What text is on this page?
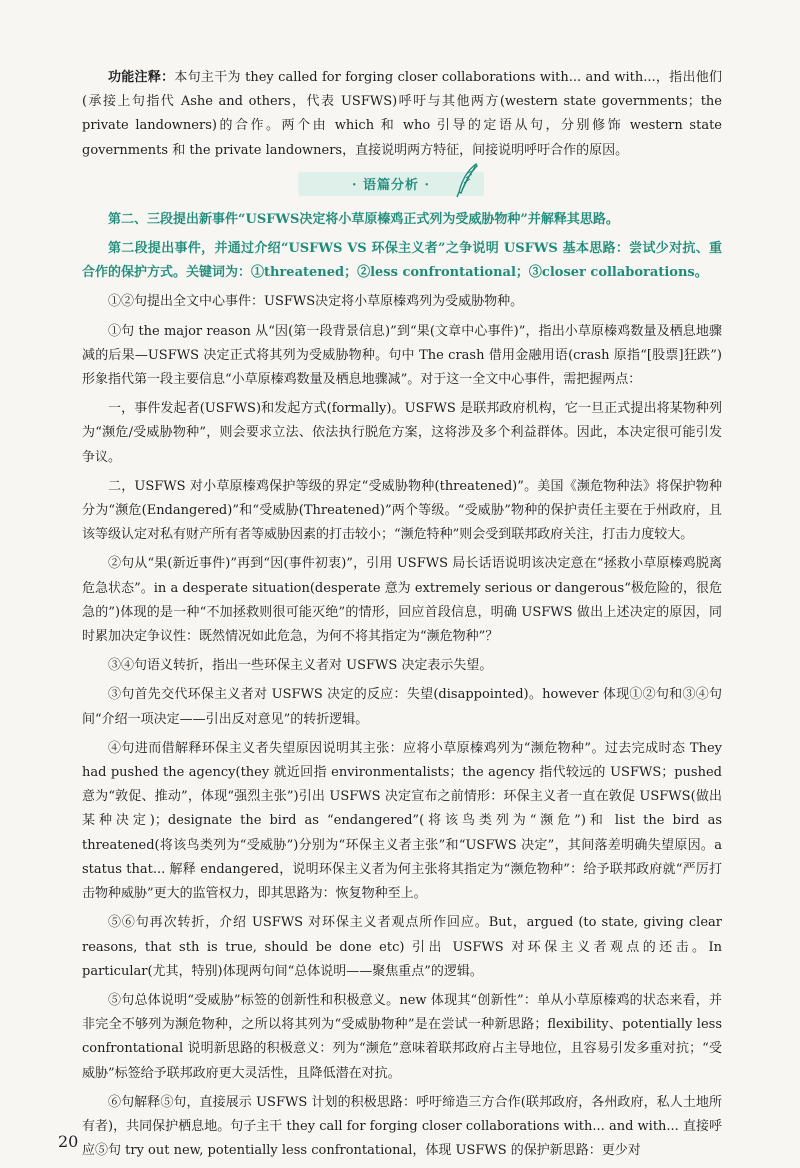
功能注释：本句主干为 they called for forging closer collaborations with... and with...，指出他们(承接上句指代 Ashe and others，代表 USFWS)呼吁与其他两方(western state governments；the private landowners)的合作。两个由 which 和 who 引导的定语从句，分别修饰 western state governments 和 the private landowners，直接说明两方特征，间接说明呼吁合作的原因。

· 语篇分析 ·

第二、三段提出新事件“USFWS决定将小草原榛鸡正式列为受威胁物种”并解释其思路。

第二段提出事件，并通过介绍“USFWS VS 环保主义者”之争说明 USFWS 基本思路：尝试少对抗、重合作的保护方式。关键词为：①threatened；②less confrontational；③closer collaborations。

①②句提出全文中心事件：USFWS决定将小草原榛鸡列为受威胁物种。

①句 the major reason 从“因(第一段背景信息)”到“果(文章中心事件)”，指出小草原榛鸡数量及栖息地骤减的后果—USFWS 决定正式将其列为受威胁物种。句中 The crash 借用金融用语(crash 原指“[股票]狂跌”)形象指代第一段主要信息“小草原榛鸡数量及栖息地骤减”。对于这一全文中心事件，需把握两点：

一，事件发起者(USFWS)和发起方式(formally)。USFWS 是联邦政府机构，它一旦正式提出将某物种列为“濒危/受威胁物种”，则会要求立法、依法执行脱危方案，这将涉及多个利益群体。因此，本决定很可能引发争议。

二，USFWS 对小草原榛鸡保护等级的界定“受威胁物种(threatened)”。美国《濒危物种法》将保护物种分为“濒危(Endangered)”和“受威胁(Threatened)”两个等级。“受威胁”物种的保护责任主要在于州政府，且该等级认定对私有财产所有者等威胁因素的打击较小；“濒危特种”则会受到联邦政府关注，打击力度较大。

②句从“果(新近事件)”再到“因(事件初衷)”，引用 USFWS 局长话语说明该决定意在“拯救小草原榛鸡脱离危急状态”。in a desperate situation(desperate 意为 extremely serious or dangerous“极危险的，很危急的”)体现的是一种“不加拯救则很可能灭绝”的情形，回应首段信息，明确 USFWS 做出上述决定的原因，同时累加决定争议性：既然情况如此危急，为何不将其指定为“濒危物种”？

③④句语义转折，指出一些环保主义者对 USFWS 决定表示失望。

③句首先交代环保主义者对 USFWS 决定的反应：失望(disappointed)。however 体现①②句和③④句间“介绍一项决定——引出反对意见”的转折逻辑。

④句进而借解释环保主义者失望原因说明其主张：应将小草原榛鸡列为“濒危物种”。过去完成时态 They had pushed the agency(they 就近回指 environmentalists；the agency 指代较远的 USFWS；pushed 意为“敦促、推动”，体现“强烈主张”)引出 USFWS 决定宣布之前情形：环保主义者一直在敦促 USFWS(做出某种决定)；designate the bird as “endangered”(将该鸟类列为“濒危”)和 list the bird as threatened(将该鸟类列为“受威胁”)分别为“环保主义者主张”和“USFWS 决定”，其间落差明确失望原因。a status that... 解释 endangered，说明环保主义者为何主张将其指定为“濒危物种”：给予联邦政府就“严厉打击物种威胁”更大的监管权力，即其思路为：恢复物种至上。

⑤⑥句再次转折，介绍 USFWS 对环保主义者观点所作回应。But，argued (to state, giving clear reasons, that sth is true, should be done etc) 引出 USFWS 对环保主义者观点的还击。In particular(尤其，特别)体现两句间“总体说明——聚焦重点”的逻辑。

⑤句总体说明“受威胁”标签的创新性和积极意义。new 体现其“创新性”：单从小草原榛鸡的状态来看，并非完全不够列为濒危物种，之所以将其列为“受威胁物种”是在尝试一种新思路；flexibility、potentially less confrontational 说明新思路的积极意义：列为“濒危”意味着联邦政府占主导地位，且容易引发多重对抗；“受威胁”标签给予联邦政府更大灵活性，且降低潜在对抗。

⑥句解释⑤句，直接展示 USFWS 计划的积极思路：呼吁缔造三方合作(联邦政府，各州政府，私人土地所有者)，共同保护栖息地。句子主干 they call for forging closer collaborations with... and with... 直接呼应⑤句 try out new, potentially less confrontational，体现 USFWS 的保护新思路：更少对

20
